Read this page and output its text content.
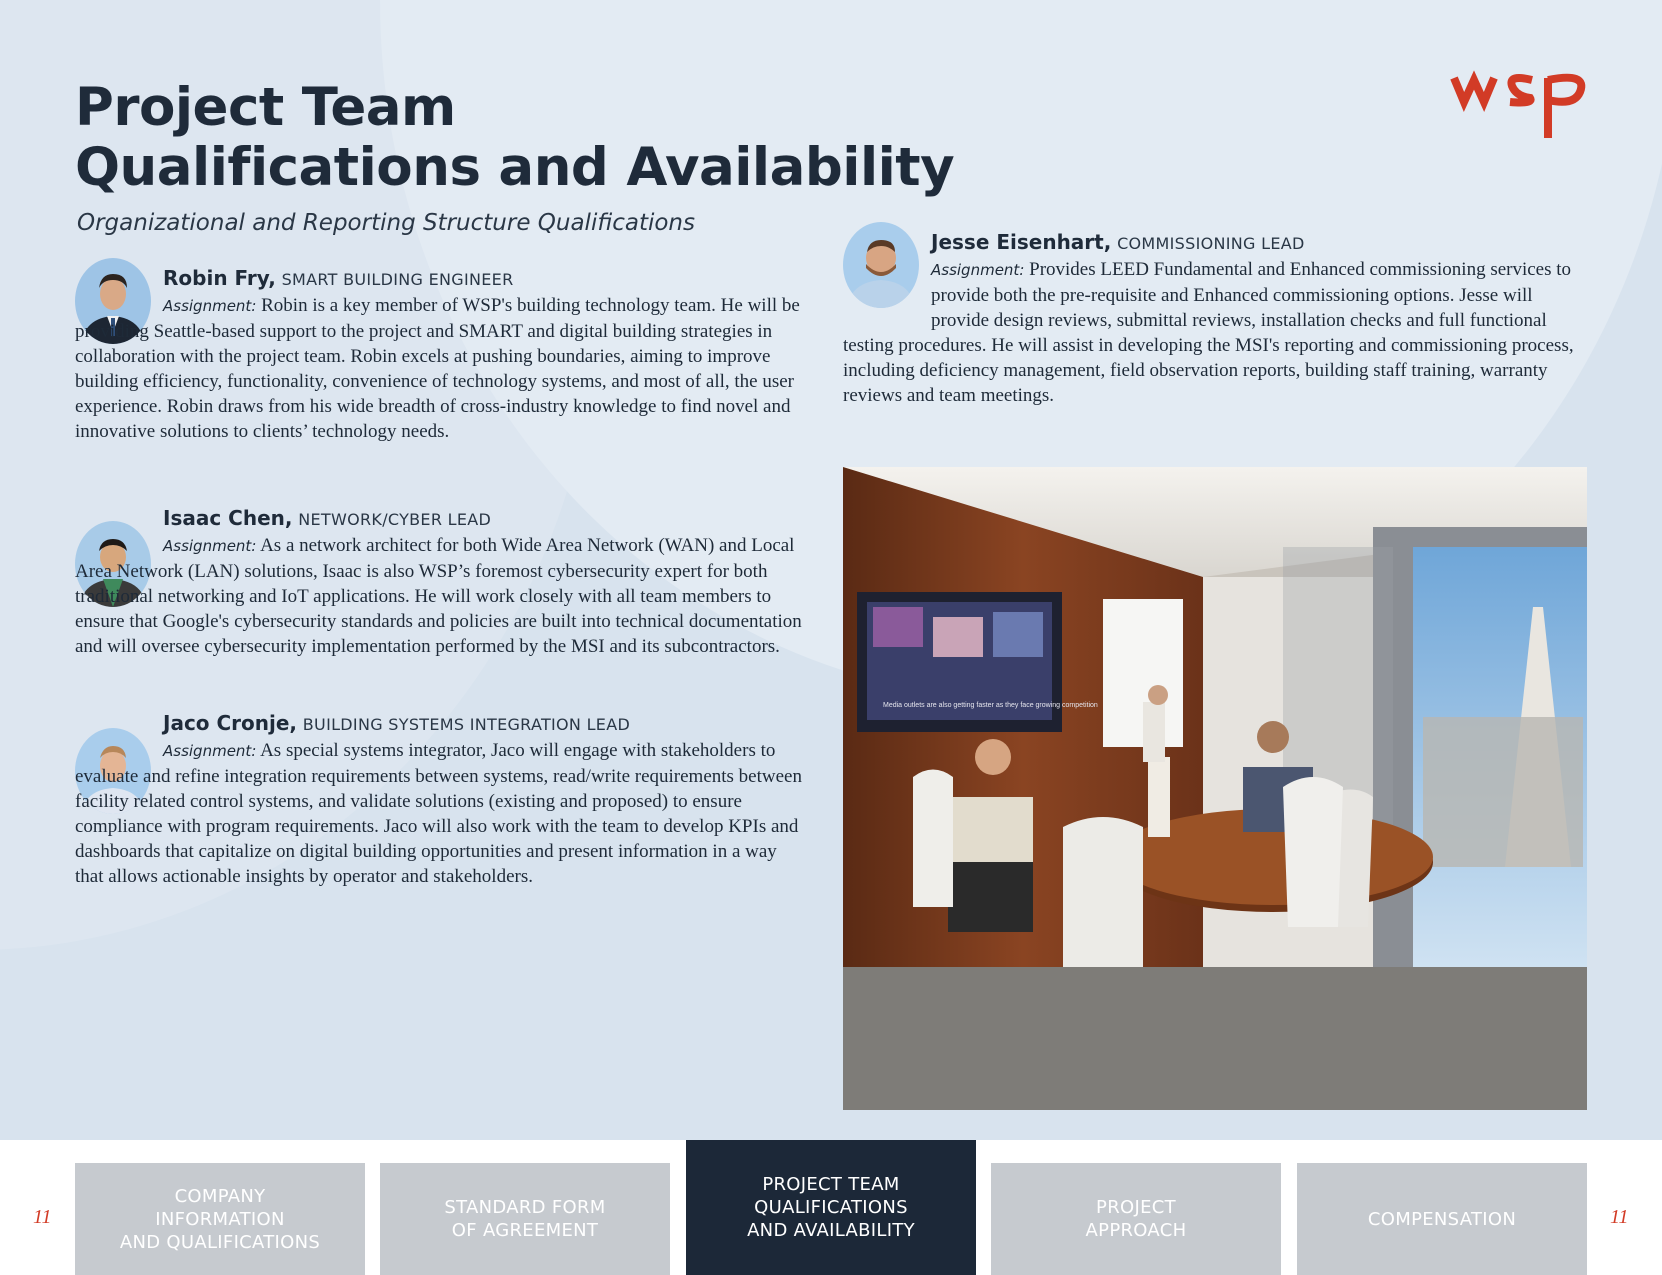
Project Team
Qualifications and Availability
Organizational and Reporting Structure Qualifications

Robin Fry, SMART BUILDING ENGINEER

Assignment: Robin is a key member of WSP's building technology team. He will be providing Seattle-based support to the project and SMART and digital building strategies in collaboration with the project team. Robin excels at pushing boundaries, aiming to improve building efficiency, functionality, convenience of technology systems, and most of all, the user experience. Robin draws from his wide breadth of cross-industry knowledge to find novel and innovative solutions to clients’ technology needs.

Isaac Chen, NETWORK/CYBER LEAD

Assignment: As a network architect for both Wide Area Network (WAN) and Local Area Network (LAN) solutions, Isaac is also WSP’s foremost cybersecurity expert for both traditional networking and IoT applications. He will work closely with all team members to ensure that Google's cybersecurity standards and policies are built into technical documentation and will oversee cybersecurity implementation performed by the MSI and its subcontractors.

Jaco Cronje, BUILDING SYSTEMS INTEGRATION LEAD

Assignment: As special systems integrator, Jaco will engage with stakeholders to evaluate and refine integration requirements between systems, read/write requirements between facility related control systems, and validate solutions (existing and proposed) to ensure compliance with program requirements. Jaco will also work with the team to develop KPIs and dashboards that capitalize on digital building opportunities and present information in a way that allows actionable insights by operator and stakeholders.

Jesse Eisenhart, COMMISSIONING LEAD

Assignment: Provides LEED Fundamental and Enhanced commissioning services to provide both the pre-requisite and Enhanced commissioning options. Jesse will provide design reviews, submittal reviews, installation checks and full functional testing procedures. He will assist in developing the MSI's reporting and commissioning process, including deficiency management, field observation reports, building staff training, warranty reviews and team meetings.

Media outlets are also getting faster as they face growing competition
11
COMPANY
INFORMATION
AND QUALIFICATIONS
STANDARD FORM
OF AGREEMENT
PROJECT TEAM
QUALIFICATIONS
AND AVAILABILITY
PROJECT
APPROACH
COMPENSATION	11
